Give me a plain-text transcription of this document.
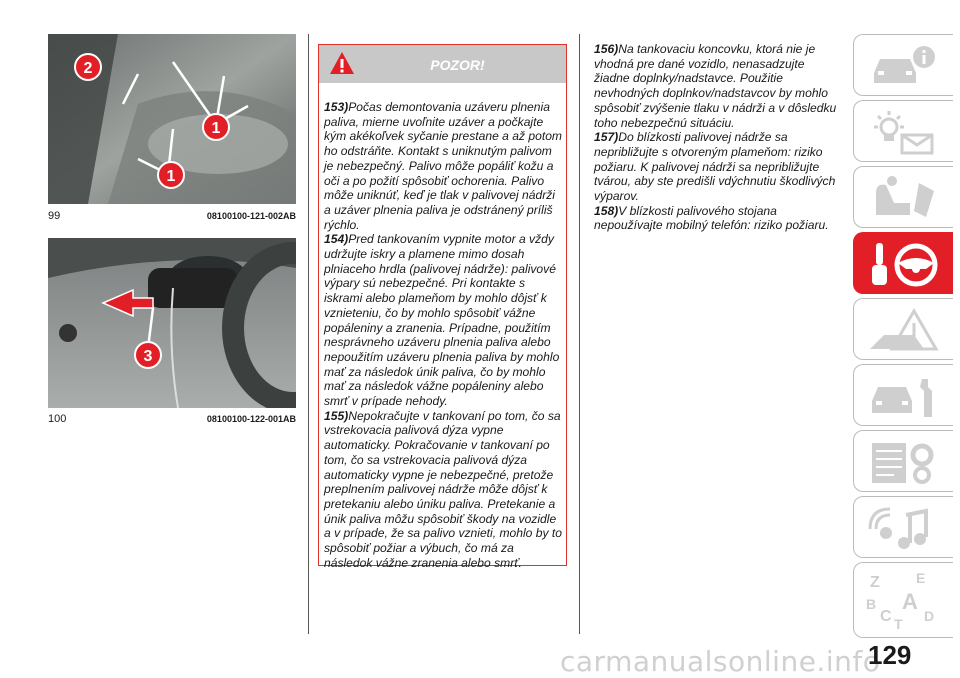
2
1
1
99	08100100-121-002AB
3
100	08100100-122-001AB
POZOR!

153)Počas demontovania uzáveru plnenia paliva, mierne uvoľnite uzáver a počkajte kým akékoľvek syčanie prestane a až potom ho odstráňte. Kontakt s uniknutým palivom je nebezpečný. Palivo môže popáliť kožu a oči a po požití spôsobiť ochorenia. Palivo môže uniknúť, keď je tlak v palivovej nádrži a uzáver plnenia paliva je odstránený príliš rýchlo.

154)Pred tankovaním vypnite motor a vždy udržujte iskry a plamene mimo dosah plniaceho hrdla (palivovej nádrže): palivové výpary sú nebezpečné. Pri kontakte s iskrami alebo plameňom by mohlo dôjsť k vznieteniu, čo by mohlo spôsobiť vážne popáleniny a zranenia. Prípadne, použitím nesprávneho uzáveru plnenia paliva alebo nepoužitím uzáveru plnenia paliva by mohlo mať za následok únik paliva, čo by mohlo mať za následok vážne popáleniny alebo smrť v prípade nehody.

155)Nepokračujte v tankovaní po tom, čo sa vstrekovacia palivová dýza vypne automaticky. Pokračovanie v tankovaní po tom, čo sa vstrekovacia palivová dýza automaticky vypne je nebezpečné, pretože preplnením palivovej nádrže môže dôjsť k pretekaniu alebo úniku paliva. Pretekanie a únik paliva môžu spôsobiť škody na vozidle a v prípade, že sa palivo vznieti, mohlo by to spôsobiť požiar a výbuch, čo má za následok vážne zranenia alebo smrť.

156)Na tankovaciu koncovku, ktorá nie je vhodná pre dané vozidlo, nenasadzujte žiadne doplnky/nadstavce. Použitie nevhodných doplnkov/nadstavcov by mohlo spôsobiť zvýšenie tlaku v nádrži a v dôsledku toho nebezpečnú situáciu.

157)Do blízkosti palivovej nádrže sa nepribližujte s otvoreným plameňom: riziko požiaru. K palivovej nádrži sa nepribližujte tvárou, aby ste predišli vdýchnutiu škodlivých výparov.

158)V blízkosti palivového stojana nepoužívajte mobilný telefón: riziko požiaru.

Z	E
B A
C T D
carmanualsonline.info
129
